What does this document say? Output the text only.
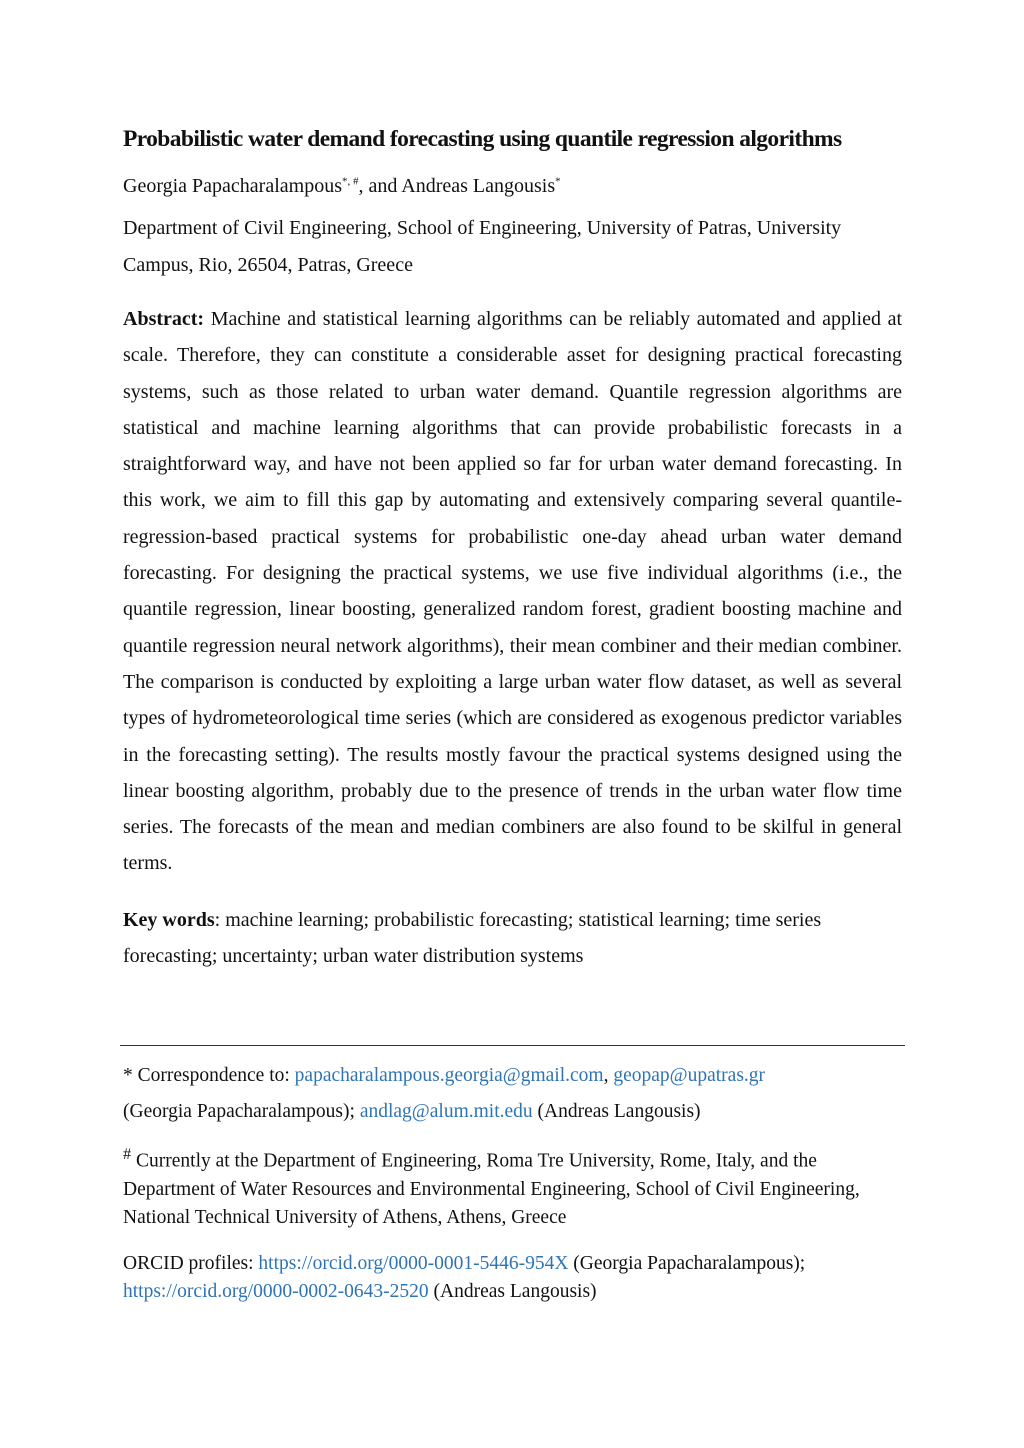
Probabilistic water demand forecasting using quantile regression algorithms

Georgia Papacharalampous*, #, and Andreas Langousis*

Department of Civil Engineering, School of Engineering, University of Patras, University Campus, Rio, 26504, Patras, Greece

Abstract: Machine and statistical learning algorithms can be reliably automated and applied at scale. Therefore, they can constitute a considerable asset for designing practical forecasting systems, such as those related to urban water demand. Quantile regression algorithms are statistical and machine learning algorithms that can provide probabilistic forecasts in a straightforward way, and have not been applied so far for urban water demand forecasting. In this work, we aim to fill this gap by automating and extensively comparing several quantile-regression-based practical systems for probabilistic one-day ahead urban water demand forecasting. For designing the practical systems, we use five individual algorithms (i.e., the quantile regression, linear boosting, generalized random forest, gradient boosting machine and quantile regression neural network algorithms), their mean combiner and their median combiner. The comparison is conducted by exploiting a large urban water flow dataset, as well as several types of hydrometeorological time series (which are considered as exogenous predictor variables in the forecasting setting). The results mostly favour the practical systems designed using the linear boosting algorithm, probably due to the presence of trends in the urban water flow time series. The forecasts of the mean and median combiners are also found to be skilful in general terms.

Key words: machine learning; probabilistic forecasting; statistical learning; time series forecasting; uncertainty; urban water distribution systems

* Correspondence to: papacharalampous.georgia@gmail.com, geopap@upatras.gr
(Georgia Papacharalampous); andlag@alum.mit.edu (Andreas Langousis)

# Currently at the Department of Engineering, Roma Tre University, Rome, Italy, and the Department of Water Resources and Environmental Engineering, School of Civil Engineering, National Technical University of Athens, Athens, Greece

ORCID profiles: https://orcid.org/0000-0001-5446-954X (Georgia Papacharalampous);
https://orcid.org/0000-0002-0643-2520 (Andreas Langousis)
